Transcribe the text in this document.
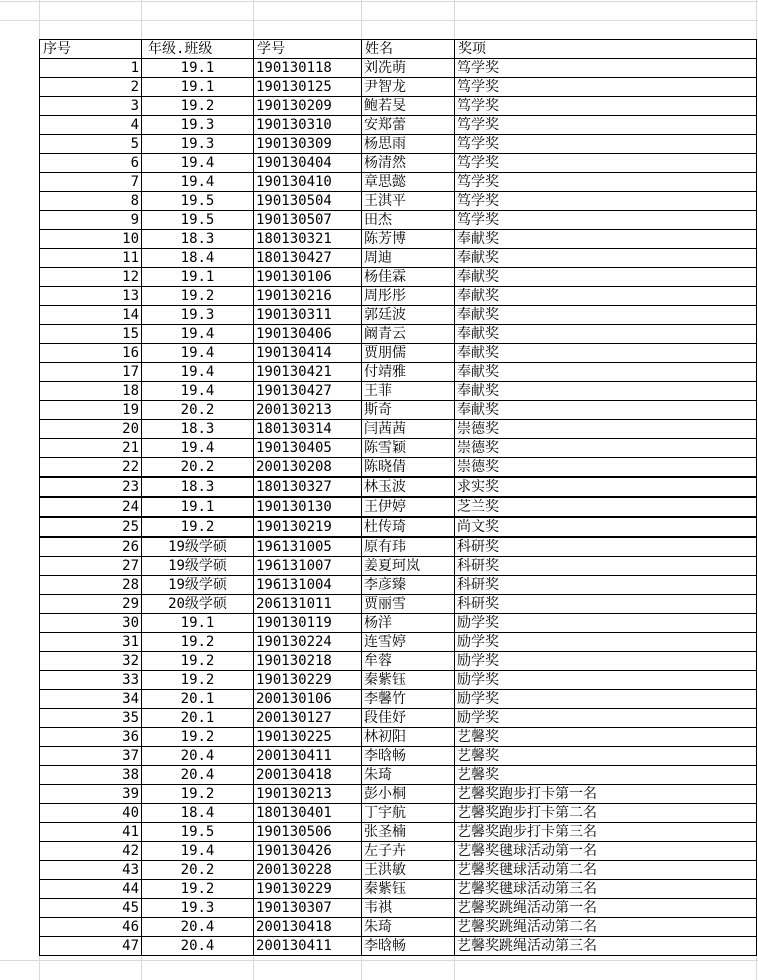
序号	年级.班级	学号	姓名	奖项
1	19.1	190130118	刘冼萌	笃学奖
2	19.1	190130125	尹智龙	笃学奖
3	19.2	190130209	鲍若旻	笃学奖
4	19.3	190130310	安郑蕾	笃学奖
5	19.3	190130309	杨思雨	笃学奖
6	19.4	190130404	杨清然	笃学奖
7	19.4	190130410	章思懿	笃学奖
8	19.5	190130504	王淇平	笃学奖
9	19.5	190130507	田杰	笃学奖
10	18.3	180130321	陈芳博	奉献奖
11	18.4	180130427	周迪	奉献奖
12	19.1	190130106	杨佳霖	奉献奖
13	19.2	190130216	周彤彤	奉献奖
14	19.3	190130311	郭廷波	奉献奖
15	19.4	190130406	阚青云	奉献奖
16	19.4	190130414	贾朋儒	奉献奖
17	19.4	190130421	付靖雅	奉献奖
18	19.4	190130427	王菲	奉献奖
19	20.2	200130213	斯奇	奉献奖
20	18.3	180130314	闫茜茜	崇德奖
21	19.4	190130405	陈雪颖	崇德奖
22	20.2	200130208	陈晓倩	崇德奖
23	18.3	180130327	林玉波	求实奖
24	19.1	190130130	王伊婷	芝兰奖
25	19.2	190130219	杜传琦	尚文奖
26	19级学硕	196131005	原有玮	科研奖
27	19级学硕	196131007	姜夏珂岚	科研奖
28	19级学硕	196131004	李彦臻	科研奖
29	20级学硕	206131011	贾丽雪	科研奖
30	19.1	190130119	杨洋	励学奖
31	19.2	190130224	连雪婷	励学奖
32	19.2	190130218	牟蓉	励学奖
33	19.2	190130229	秦紫钰	励学奖
34	20.1	200130106	李馨竹	励学奖
35	20.1	200130127	段佳妤	励学奖
36	19.2	190130225	林初阳	艺馨奖
37	20.4	200130411	李晗畅	艺馨奖
38	20.4	200130418	朱琦	艺馨奖
39	19.2	190130213	彭小桐	艺馨奖跑步打卡第一名
40	18.4	180130401	丁宇航	艺馨奖跑步打卡第二名
41	19.5	190130506	张圣楠	艺馨奖跑步打卡第三名
42	19.4	190130426	左子卉	艺馨奖毽球活动第一名
43	20.2	200130228	王洪敏	艺馨奖毽球活动第二名
44	19.2	190130229	秦紫钰	艺馨奖毽球活动第三名
45	19.3	190130307	韦祺	艺馨奖跳绳活动第一名
46	20.4	200130418	朱琦	艺馨奖跳绳活动第二名
47	20.4	200130411	李晗畅	艺馨奖跳绳活动第三名
